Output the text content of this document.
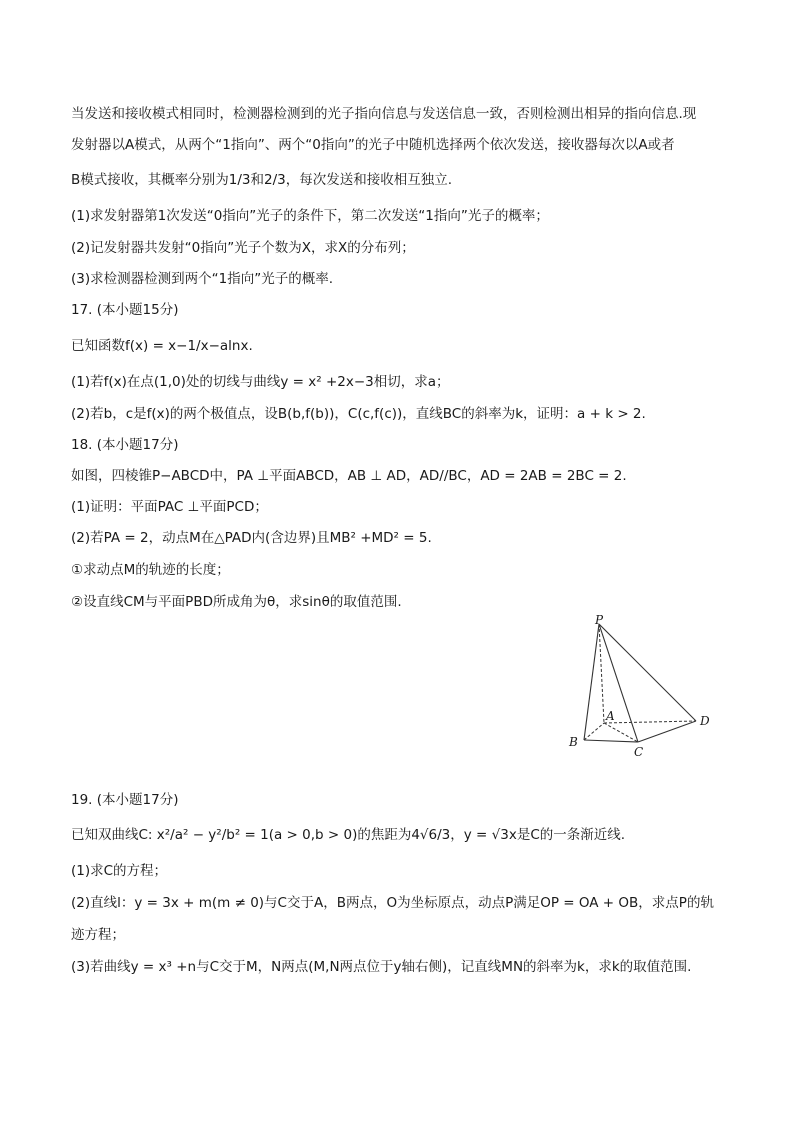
当发送和接收模式相同时，检测器检测到的光子指向信息与发送信息一致，否则检测出相异的指向信息.现
发射器以A模式，从两个“1指向”、两个“0指向”的光子中随机选择两个依次发送，接收器每次以A或者
B模式接收，其概率分别为1/3和2/3，每次发送和接收相互独立.
(1)求发射器第1次发送“0指向”光子的条件下，第二次发送“1指向”光子的概率；
(2)记发射器共发射“0指向”光子个数为X，求X的分布列；
(3)求检测器检测到两个“1指向”光子的概率.
17. (本小题15分)
已知函数f(x) = x−1/x−alnx.
(1)若f(x)在点(1,0)处的切线与曲线y = x² +2x−3相切，求a；
(2)若b，c是f(x)的两个极值点，设B(b,f(b))，C(c,f(c))，直线BC的斜率为k，证明：a + k > 2.
18. (本小题17分)
如图，四棱锥P−ABCD中，PA ⊥平面ABCD，AB ⊥ AD，AD//BC，AD = 2AB = 2BC = 2.
(1)证明：平面PAC ⊥平面PCD；
(2)若PA = 2，动点M在△PAD内(含边界)且MB² +MD² = 5.
①求动点M的轨迹的长度；
②设直线CM与平面PBD所成角为θ，求sinθ的取值范围.
P
A
B
C
D
19. (本小题17分)
已知双曲线C: x²/a² − y²/b² = 1(a > 0,b > 0)的焦距为4√6/3，y = √3x是C的一条渐近线.
(1)求C的方程；
(2)直线l：y = 3x + m(m ≠ 0)与C交于A，B两点，O为坐标原点，动点P满足OP = OA + OB，求点P的轨
迹方程；
(3)若曲线y = x³ +n与C交于M，N两点(M,N两点位于y轴右侧)，记直线MN的斜率为k，求k的取值范围.
